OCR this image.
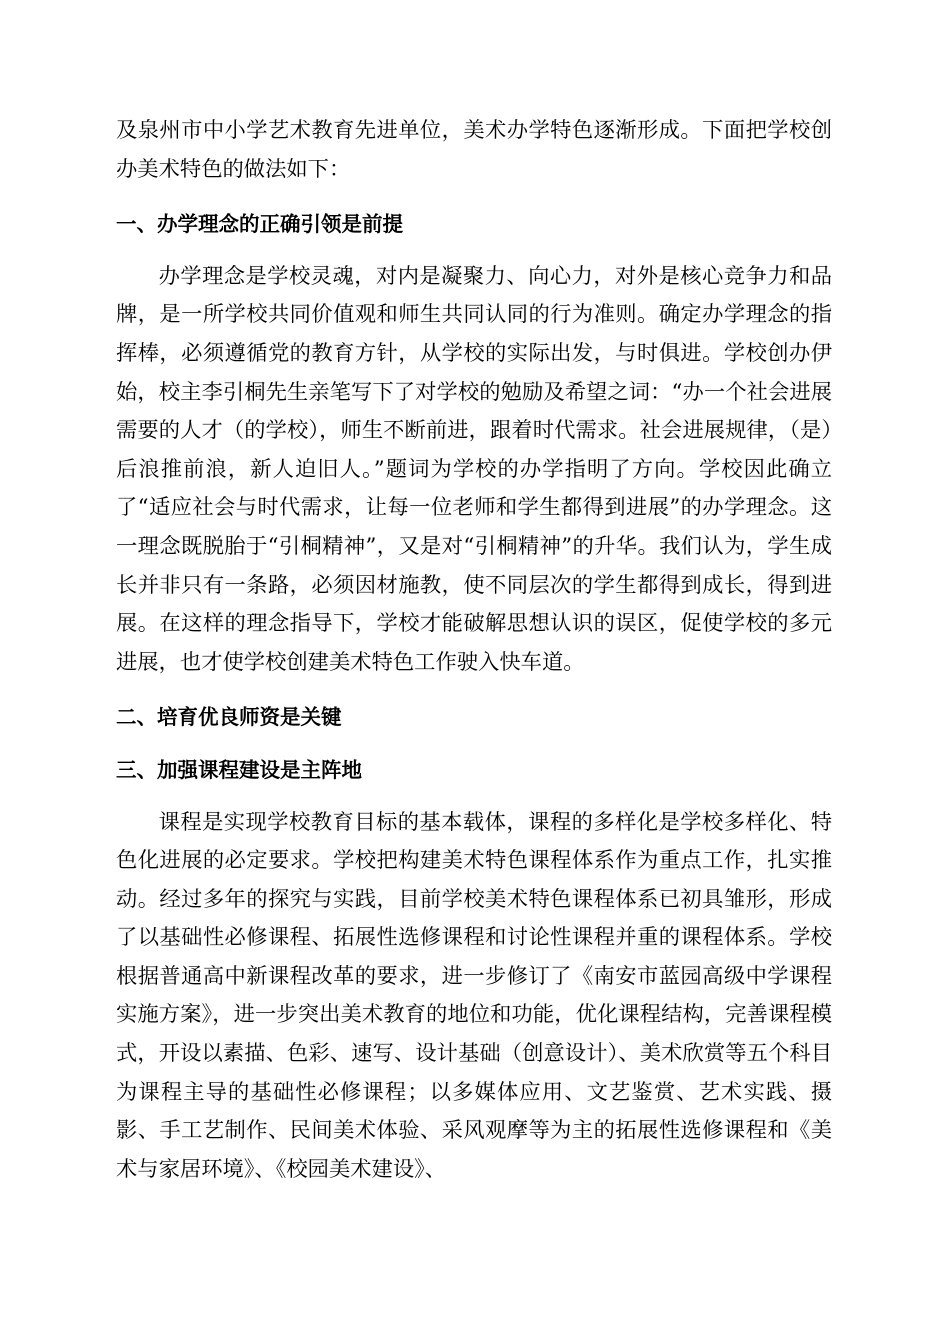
及泉州市中小学艺术教育先进单位，美术办学特色逐渐形成。下面把学校创办美术特色的做法如下：

一、办学理念的正确引领是前提

办学理念是学校灵魂，对内是凝聚力、向心力，对外是核心竞争力和品牌，是一所学校共同价值观和师生共同认同的行为准则。确定办学理念的指挥棒，必须遵循党的教育方针，从学校的实际出发，与时俱进。学校创办伊始，校主李引桐先生亲笔写下了对学校的勉励及希望之词：“办一个社会进展需要的人才（的学校），师生不断前进，跟着时代需求。社会进展规律，（是）后浪推前浪，新人迫旧人。”题词为学校的办学指明了方向。学校因此确立了“适应社会与时代需求，让每一位老师和学生都得到进展”的办学理念。这一理念既脱胎于“引桐精神”，又是对“引桐精神”的升华。我们认为，学生成长并非只有一条路，必须因材施教，使不同层次的学生都得到成长，得到进展。在这样的理念指导下，学校才能破解思想认识的误区，促使学校的多元进展，也才使学校创建美术特色工作驶入快车道。

二、培育优良师资是关键
三、加强课程建设是主阵地

课程是实现学校教育目标的基本载体，课程的多样化是学校多样化、特色化进展的必定要求。学校把构建美术特色课程体系作为重点工作，扎实推动。经过多年的探究与实践，目前学校美术特色课程体系已初具雏形，形成了以基础性必修课程、拓展性选修课程和讨论性课程并重的课程体系。学校根据普通高中新课程改革的要求，进一步修订了《南安市蓝园高级中学课程实施方案》，进一步突出美术教育的地位和功能，优化课程结构，完善课程模式，开设以素描、色彩、速写、设计基础（创意设计）、美术欣赏等五个科目为课程主导的基础性必修课程；以多媒体应用、文艺鉴赏、艺术实践、摄影、手工艺制作、民间美术体验、采风观摩等为主的拓展性选修课程和《美术与家居环境》、《校园美术建设》、
